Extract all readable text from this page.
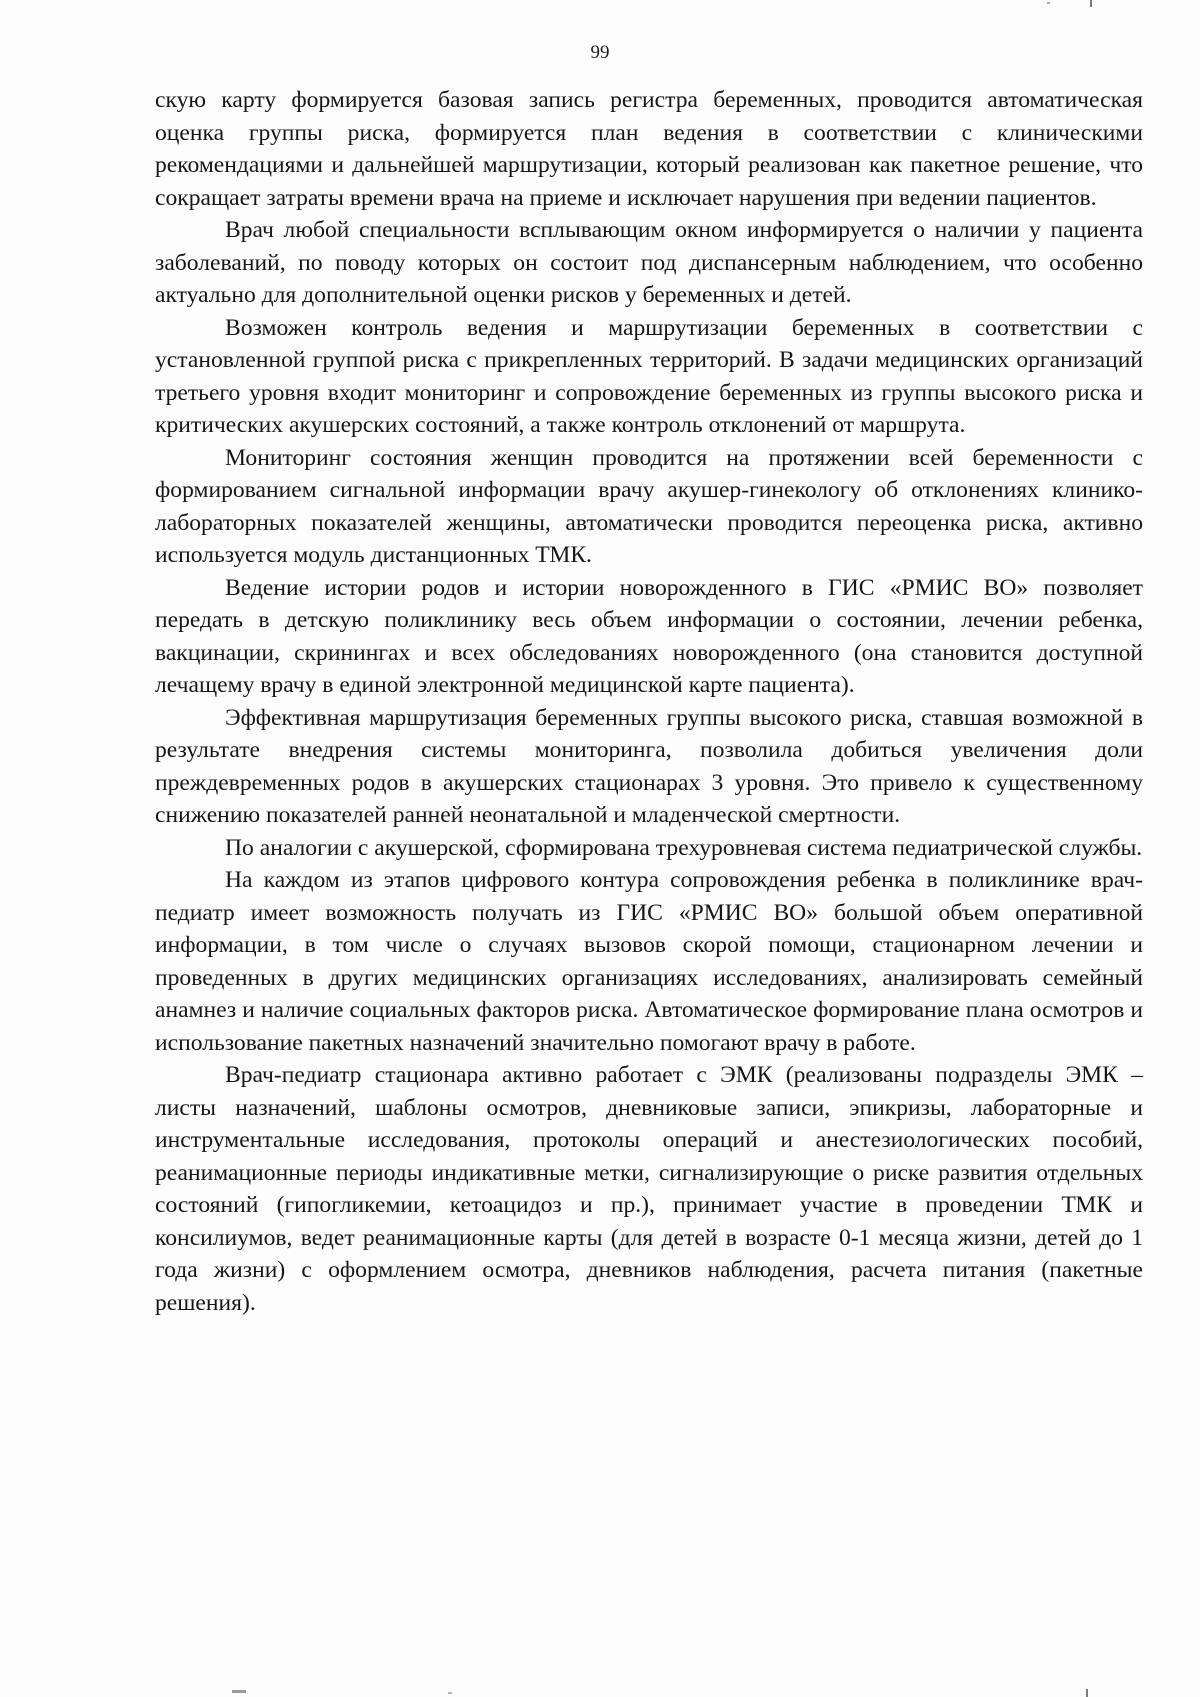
99

скую карту формируется базовая запись регистра беременных, проводится автоматическая оценка группы риска, формируется план ведения в соответствии с клиническими рекомендациями и дальнейшей маршрутизации, который реализован как пакетное решение, что сокращает затраты времени врача на приеме и исключает нарушения при ведении пациентов.

Врач любой специальности всплывающим окном информируется о наличии у пациента заболеваний, по поводу которых он состоит под диспансерным наблюдением, что особенно актуально для дополнительной оценки рисков у беременных и детей.

Возможен контроль ведения и маршрутизации беременных в соответствии с установленной группой риска с прикрепленных территорий. В задачи медицинских организаций третьего уровня входит мониторинг и сопровождение беременных из группы высокого риска и критических акушерских состояний, а также контроль отклонений от маршрута.

Мониторинг состояния женщин проводится на протяжении всей беременности с формированием сигнальной информации врачу акушер-гинекологу об отклонениях клинико-лабораторных показателей женщины, автоматически проводится переоценка риска, активно используется модуль дистанционных ТМК.

Ведение истории родов и истории новорожденного в ГИС «РМИС ВО» позволяет передать в детскую поликлинику весь объем информации о состоянии, лечении ребенка, вакцинации, скринингах и всех обследованиях новорожденного (она становится доступной лечащему врачу в единой электронной медицинской карте пациента).

Эффективная маршрутизация беременных группы высокого риска, ставшая возможной в результате внедрения системы мониторинга, позволила добиться увеличения доли преждевременных родов в акушерских стационарах 3 уровня. Это привело к существенному снижению показателей ранней неонатальной и младенческой смертности.

По аналогии с акушерской, сформирована трехуровневая система педиатрической службы.

На каждом из этапов цифрового контура сопровождения ребенка в поликлинике врач-педиатр имеет возможность получать из ГИС «РМИС ВО» большой объем оперативной информации, в том числе о случаях вызовов скорой помощи, стационарном лечении и проведенных в других медицинских организациях исследованиях, анализировать семейный анамнез и наличие социальных факторов риска. Автоматическое формирование плана осмотров и использование пакетных назначений значительно помогают врачу в работе.

Врач-педиатр стационара активно работает с ЭМК (реализованы подразделы ЭМК – листы назначений, шаблоны осмотров, дневниковые записи, эпикризы, лабораторные и инструментальные исследования, протоколы операций и анестезиологических пособий, реанимационные периоды индикативные метки, сигнализирующие о риске развития отдельных состояний (гипогликемии, кетоацидоз и пр.), принимает участие в проведении ТМК и консилиумов, ведет реанимационные карты (для детей в возрасте 0-1 месяца жизни, детей до 1 года жизни) с оформлением осмотра, дневников наблюдения, расчета питания (пакетные решения).
